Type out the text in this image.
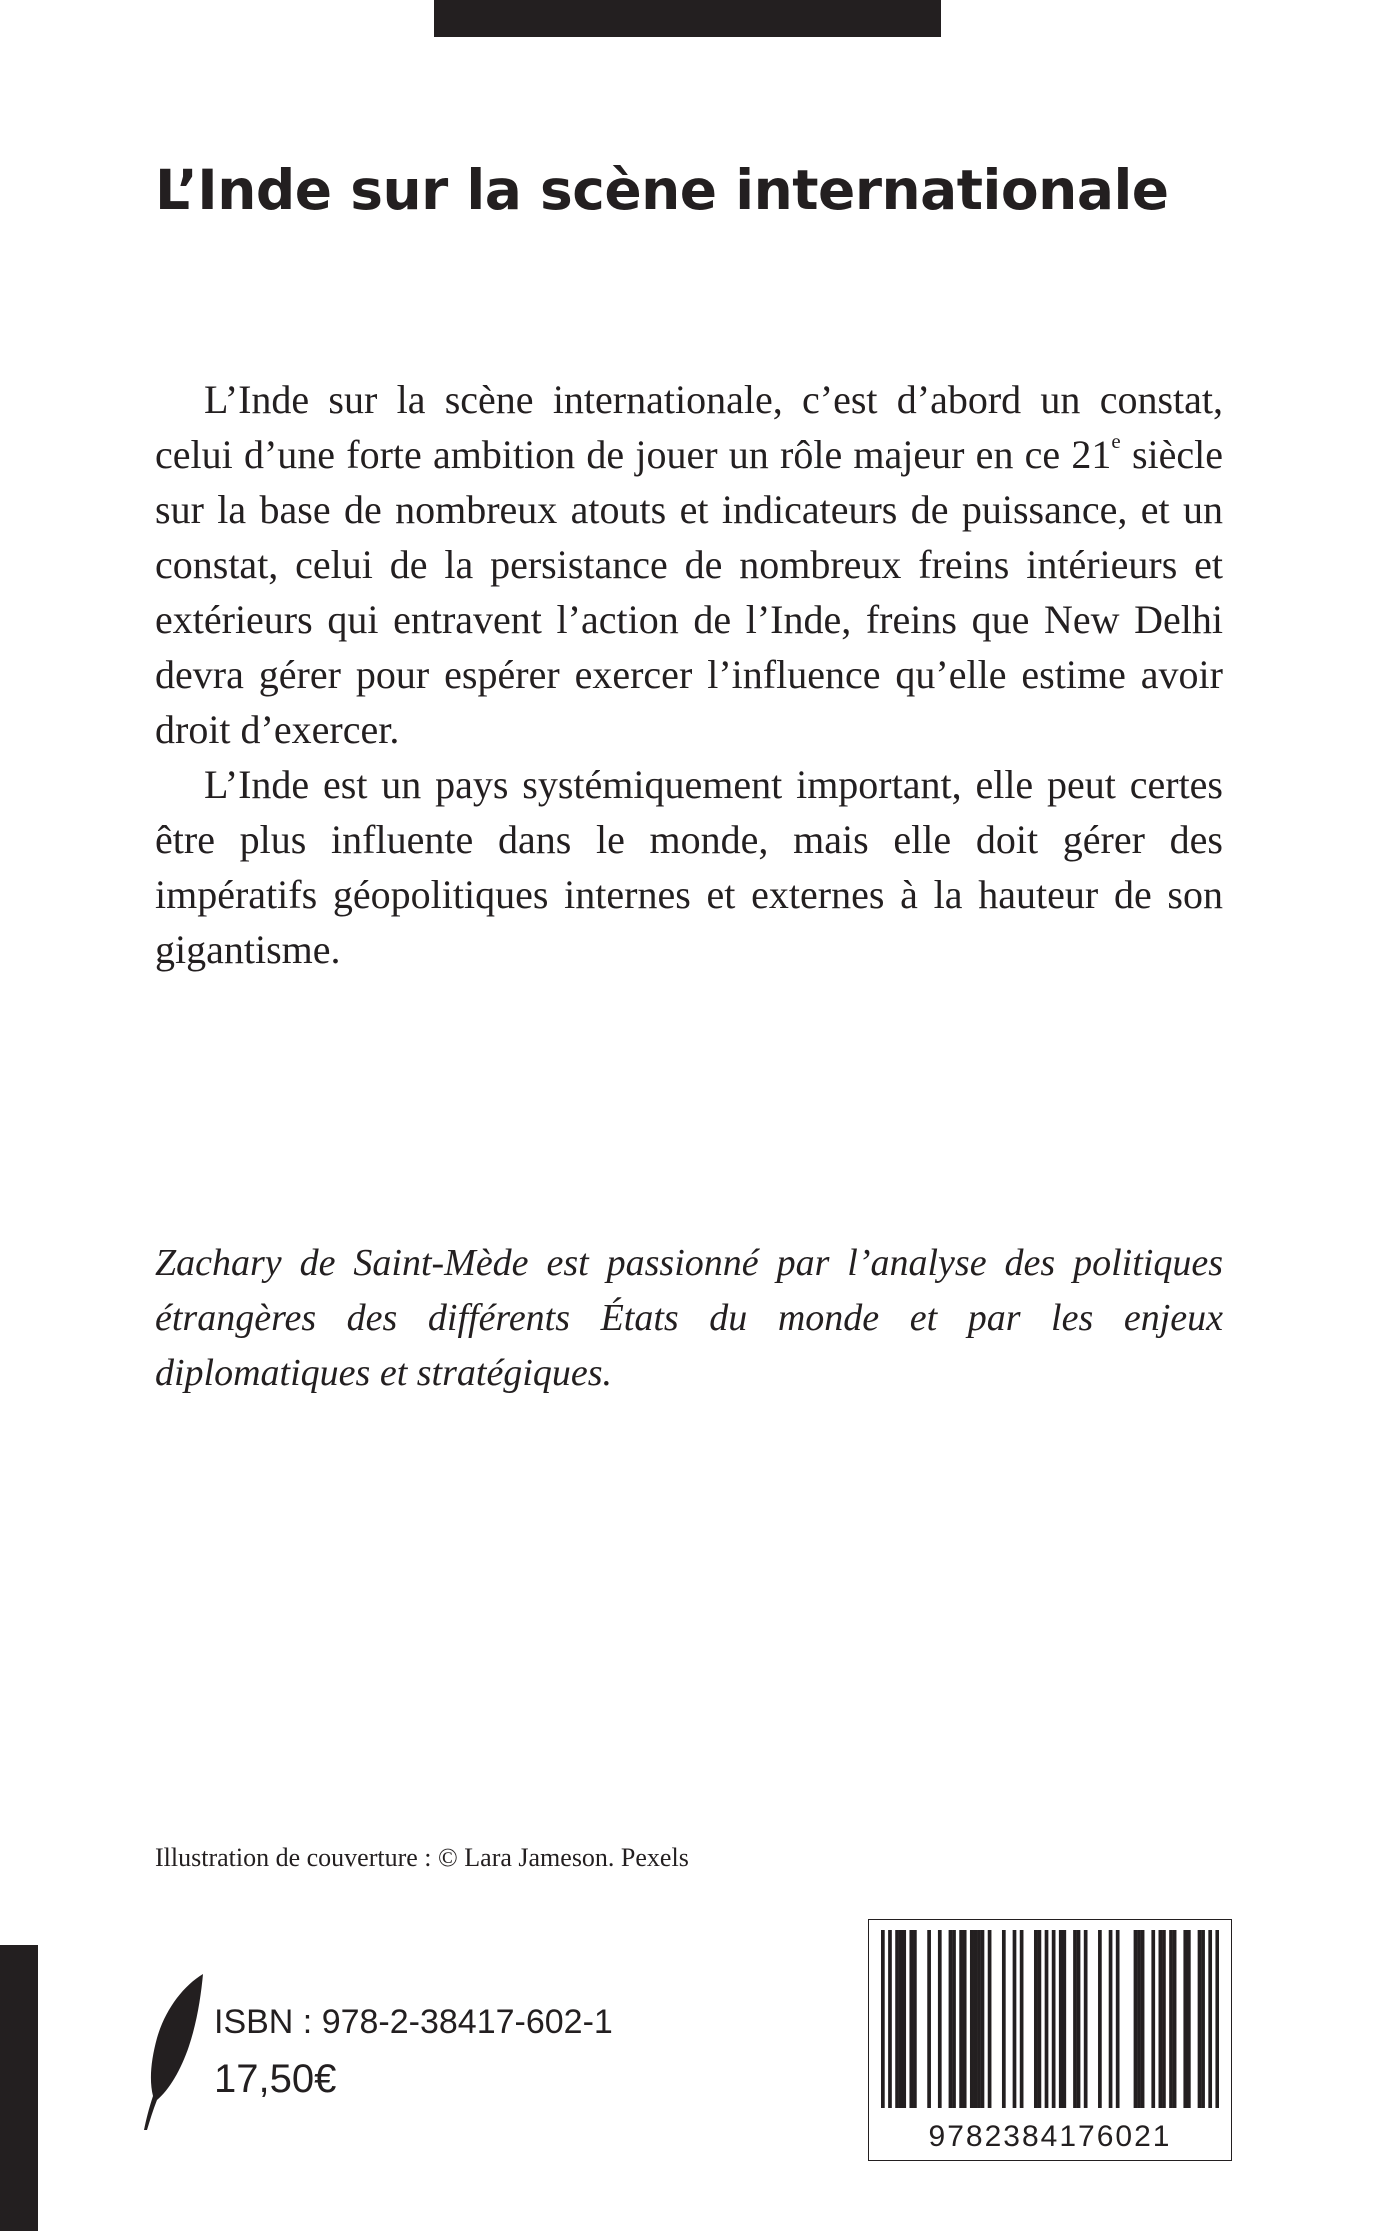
L’Inde sur la scène internationale

L’Inde sur la scène internationale, c’est d’abord un constat, celui d’une forte ambition de jouer un rôle majeur en ce 21e siècle sur la base de nombreux atouts et indicateurs de puissance, et un constat, celui de la persistance de nombreux freins intérieurs et extérieurs qui entravent l’action de l’Inde, freins que New Delhi devra gérer pour espérer exercer l’influence qu’elle estime avoir droit d’exercer.

L’Inde est un pays systémiquement important, elle peut certes être plus influente dans le monde, mais elle doit gérer des impératifs géopolitiques internes et externes à la hauteur de son gigantisme.

Zachary de Saint-Mède est passionné par l’analyse des politiques étrangères des différents États du monde et par les enjeux diplomatiques et stratégiques.

Illustration de couverture : © Lara Jameson. Pexels

ISBN : 978-2-38417-602-1

17,50€

9782384176021
